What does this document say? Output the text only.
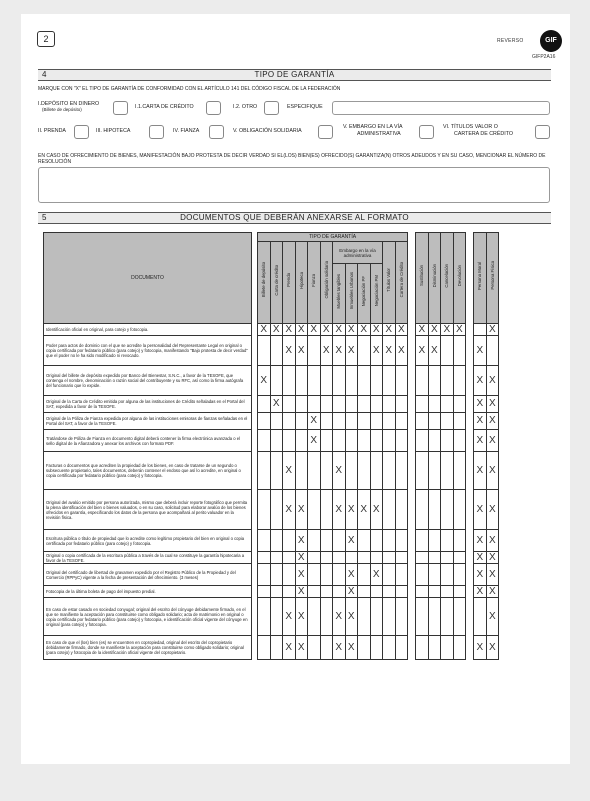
2	REVERSO	GIF
GIFP2A16
4	TIPO DE GARANTÍA
MARQUE CON "X" EL TIPO DE GARANTÍA DE CONFORMIDAD CON EL ARTÍCULO 141 DEL CÓDIGO FISCAL DE LA FEDERACIÓN
I.DEPÓSITO EN DINERO
(Billete de depósito)	I.1.CARTA DE CRÉDITO	I.2. OTRO	ESPECIFIQUE
II. PRENDA	III. HIPOTECA	IV. FIANZA	V. OBLIGACIÓN SOLIDARIA
V. EMBARGO EN LA VÍA
ADMINISTRATIVA
VI. TÍTULOS VALOR O
CARTERA DE CRÉDITO
EN CASO DE OFRECIMIENTO DE BIENES, MANIFESTACIÓN BAJO PROTESTA DE DECIR VERDAD SI EL(LOS) BIEN(ES) OFRECIDO(S) GARANTIZA(N) OTROS ADEUDOS Y EN SU CASO, MENCIONAR EL NÚMERO DE RESOLUCIÓN
5	DOCUMENTOS QUE DEBERÁN ANEXARSE AL FORMATO
DOCUMENTO		TIPO DE GARANTÍA													Sustitución	Disminución	Cancelación	Devolución		Persona Moral	Persona Física
		Billete de depósito	Carta de crédito	Prenda	Hipoteca	Fianza	Obligación solidaria	Embargo en la vía administrativa				Títulos Valor	Cartera de Crédito								
								Muebles tangibles	Inmuebles Urbanos	Negociación PF	Negociación PM										
Identificación oficial en original, para cotejo y fotocopia.		X	X	X	X	X	X	X	X	X	X	X	X		X	X	X	X			X
Poder para actos de dominio con el que se acredite la personalidad del Representante Legal en original o copia certificada por fedatario público (para cotejo) y fotocopia, manifestando "Bajo protesta de decir verdad" que el poder no le ha sido modificado ni revocado.				X	X		X	X	X		X	X	X		X	X				X	
Original del billete de depósito expedido por Banco del Bienestar, S.N.C., a favor de la TESOFE, que contenga el nombre, denominación o razón social del contribuyente y su RFC, así como la firma autógrafa del funcionario que lo expide.		X																		X	X
Original de la Carta de Crédito emitida por alguna de las instituciones de Crédito señaladas en el Portal del SAT, expedida a favor de la TESOFE.			X																	X	X
Original de la Póliza de Fianza expedida por alguna de las instituciones emisoras de fianzas señaladas en el Portal del SAT, a favor de la TESOFE.						X														X	X
Tratándose de Póliza de Fianza en documento digital deberá contener la firma electrónica avanzada o el sello digital de la Afianzadora y anexar los archivos con formato PDF.						X														X	X
Facturas o documentos que acrediten la propiedad de los bienes, en caso de tratarse de un segundo o subsecuente propietario, tales documentos, deberán contener el endoso que así lo acredite, en original o copia certificada por fedatario público (para cotejo) y fotocopia.				X				X												X	X
Original del avalúo emitido por persona autorizada, mismo que deberá incluir reporte fotográfico que permita la plena identificación del bien o bienes valuados, o en su caso, solicitud para elaborar avalúo de los bienes ofrecidos en garantía, especificando los datos de la persona que acompañará al perito valuador en la revisión física.				X	X			X	X	X	X									X	X
Escritura pública o título de propiedad que lo acredite como legítimo propietario del bien en original o copia certificada por fedatario público (para cotejo) y fotocopia.					X				X											X	X
Original o copia certificada de la escritura pública a través de la cual se constituye la garantía hipotecaria a favor de la TESOFE.					X															X	X
Original del certificado de libertad de gravamen expedido por el Registro Público de la Propiedad y del Comercio (RPPyC) vigente a la fecha de presentación del ofrecimiento. (3 meses)					X				X		X									X	X
Fotocopia de la última boleta de pago del impuesto predial.					X				X											X	X
En caso de estar casado en sociedad conyugal; original del escrito del cónyuge debidamente firmado, en el que se manifieste la aceptación para constituirse como obligado solidario; acta de matrimonio en original o copia certificada por fedatario público (para cotejo) y fotocopia, e identificación oficial vigente del cónyuge en original (para cotejo) y fotocopia.				X	X			X	X												X
En caso de que el (los) bien (es) se encuentren en copropiedad, original del escrito del copropietario debidamente firmado, donde se manifieste la aceptación para constituirse como obligado solidario; original (para cotejo) y fotocopia de la identificación oficial vigente del copropietario.				X	X			X	X											X	X
